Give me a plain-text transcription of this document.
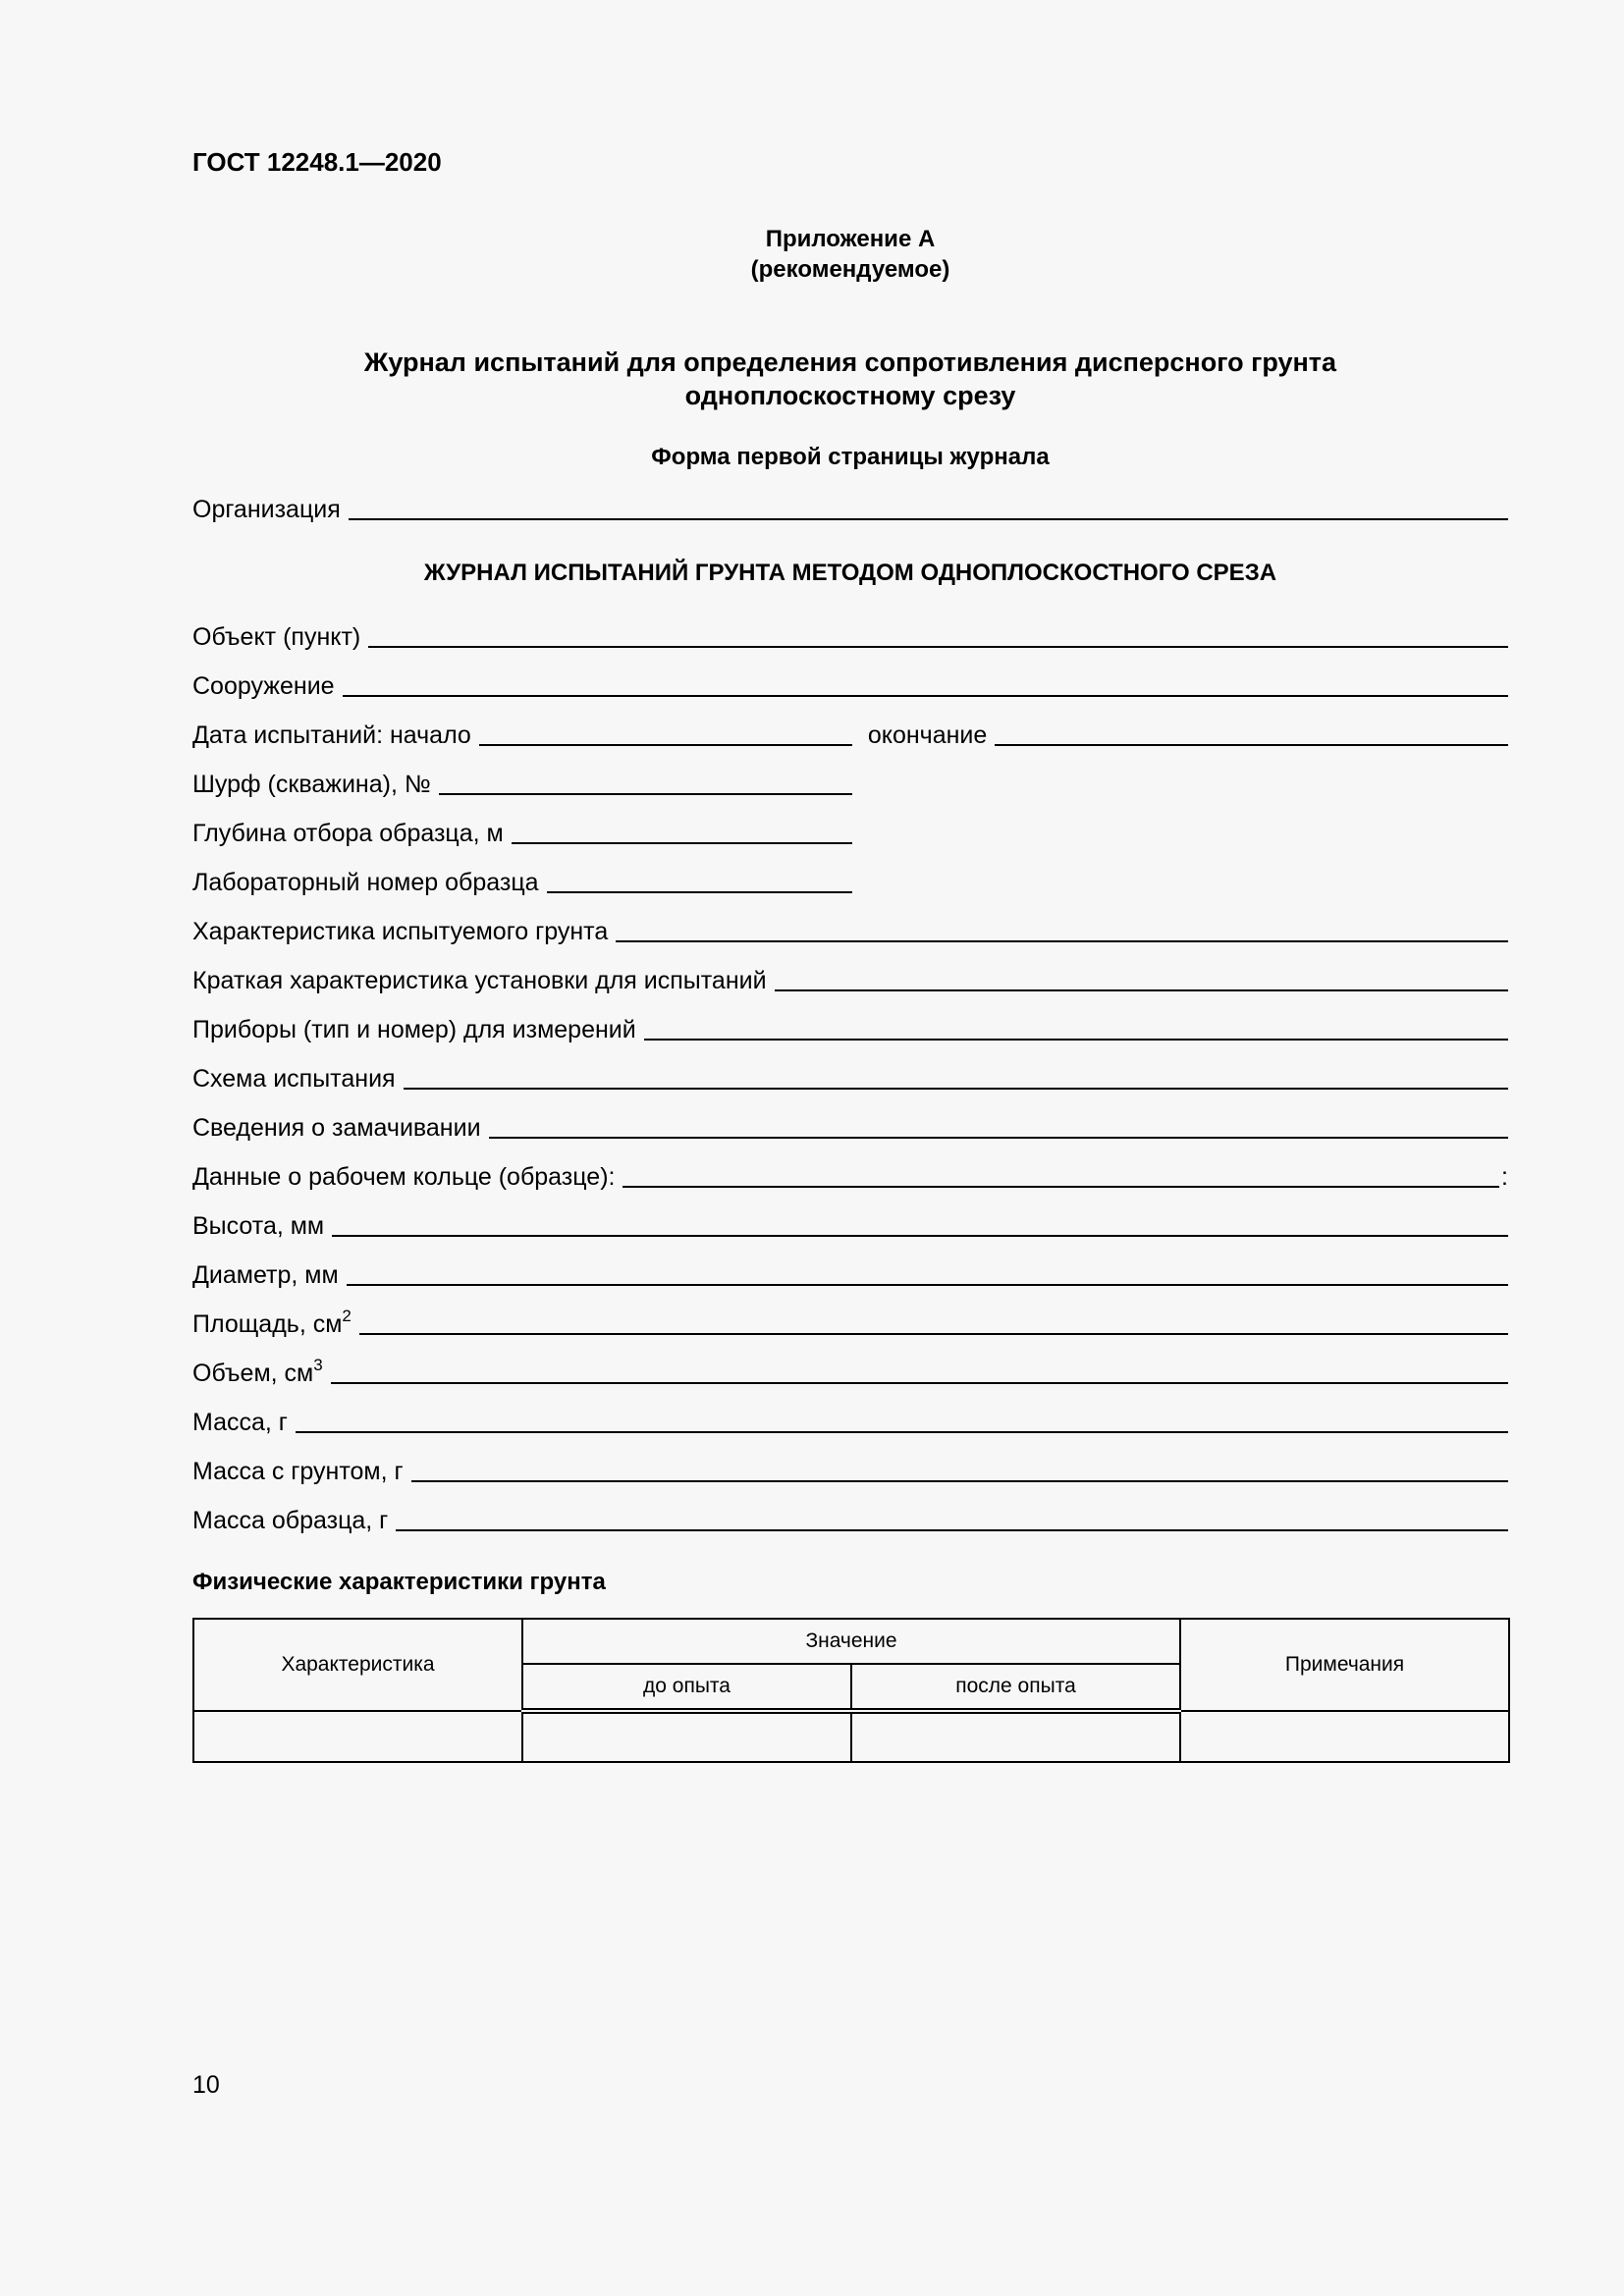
ГОСТ 12248.1—2020
Приложение А
(рекомендуемое)
Журнал испытаний для определения сопротивления дисперсного грунта
одноплоскостному срезу
Форма первой страницы журнала
Организация
ЖУРНАЛ ИСПЫТАНИЙ ГРУНТА МЕТОДОМ ОДНОПЛОСКОСТНОГО СРЕЗА
Объект (пункт)
Сооружение
Дата испытаний: начало	окончание
Шурф (скважина), №
Глубина отбора образца, м
Лабораторный номер образца
Характеристика испытуемого грунта
Краткая характеристика установки для испытаний
Приборы (тип и номер) для измерений
Схема испытания
Сведения о замачивании
Данные о рабочем кольце (образце):	:
Высота, мм
Диаметр, мм
Площадь, $см^2$
Объем, $см^3$
Масса, г
Масса с грунтом, г
Масса образца, г
Физические характеристики грунта
Характеристика	Значение		Примечания
	до опыта	после опыта	

10
